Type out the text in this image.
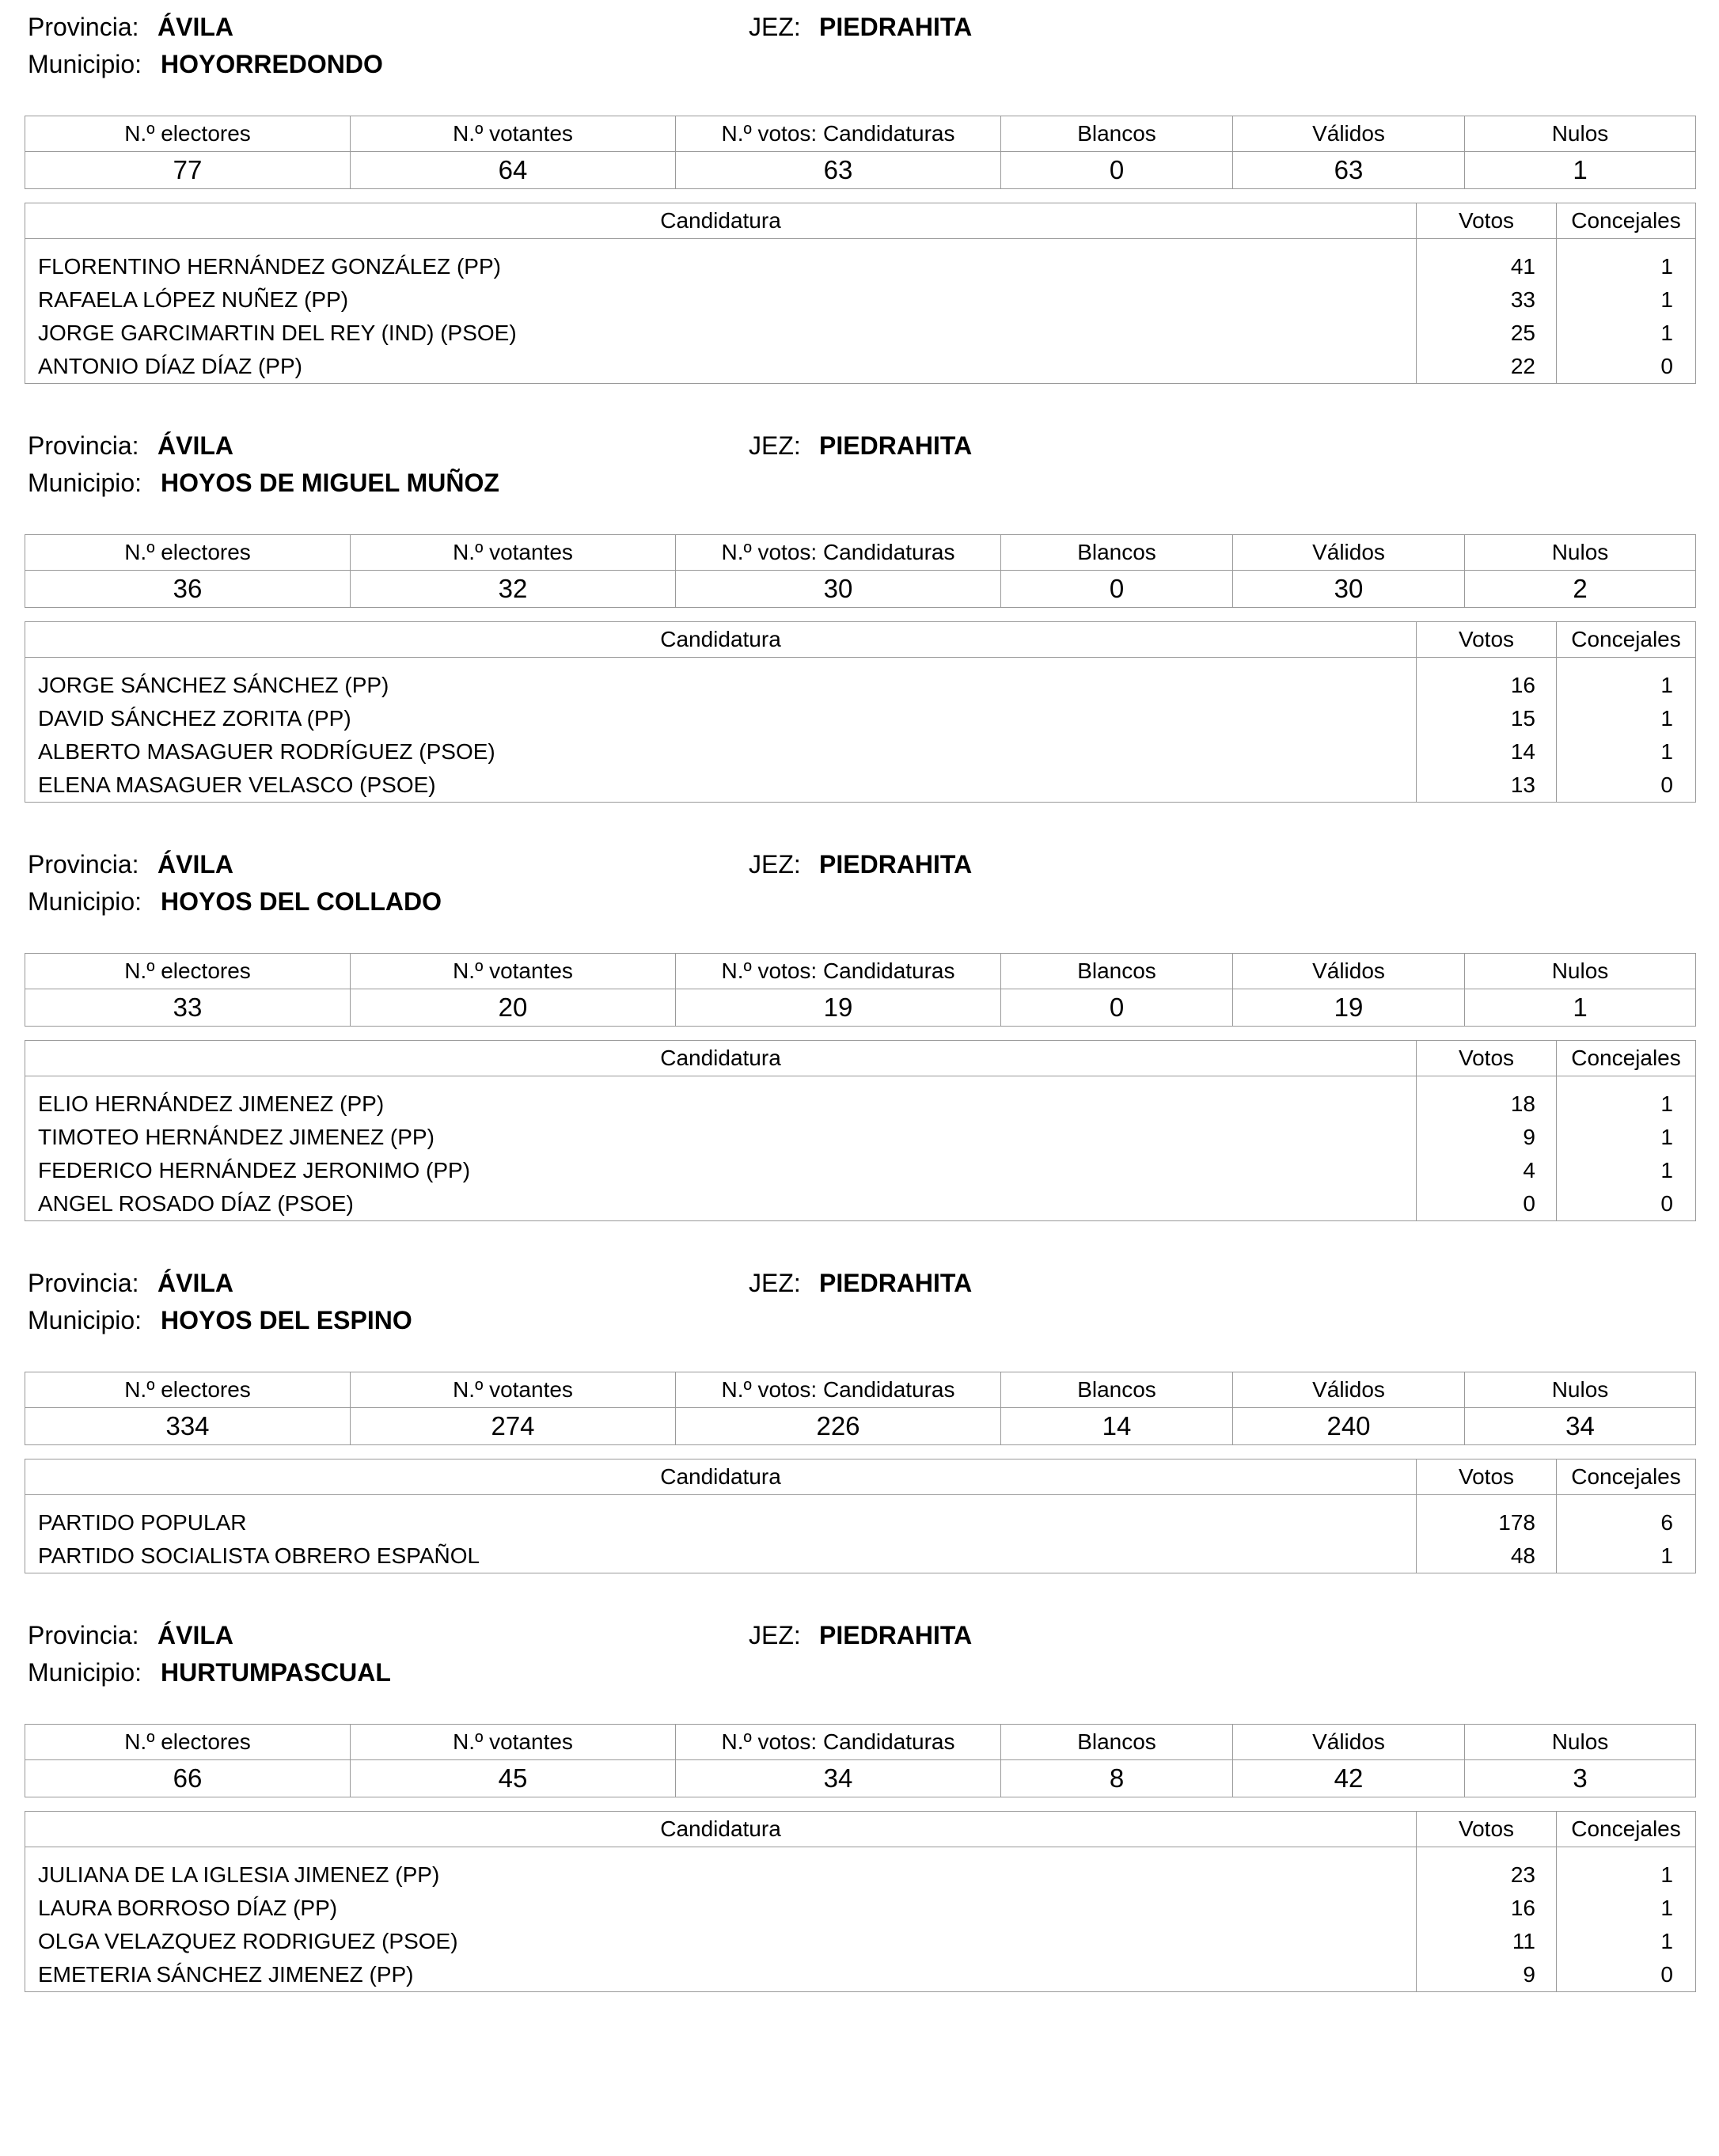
Provincia: ÁVILA	JEZ: PIEDRAHITA
Municipio: HOYORREDONDO
N.º electores	N.º votantes	N.º votos: Candidaturas	Blancos	Válidos	Nulos
77	64	63	0	63	1
Candidatura	Votos	Concejales

FLORENTINO HERNÁNDEZ GONZÁLEZ (PP)	41	1
RAFAELA LÓPEZ NUÑEZ (PP)	33	1
JORGE GARCIMARTIN DEL REY (IND) (PSOE)	25	1
ANTONIO DÍAZ DÍAZ (PP)	22	0
Provincia: ÁVILA	JEZ: PIEDRAHITA
Municipio: HOYOS DE MIGUEL MUÑOZ
N.º electores	N.º votantes	N.º votos: Candidaturas	Blancos	Válidos	Nulos
36	32	30	0	30	2
Candidatura	Votos	Concejales

JORGE SÁNCHEZ SÁNCHEZ (PP)	16	1
DAVID SÁNCHEZ ZORITA (PP)	15	1
ALBERTO MASAGUER RODRÍGUEZ (PSOE)	14	1
ELENA MASAGUER VELASCO (PSOE)	13	0
Provincia: ÁVILA	JEZ: PIEDRAHITA
Municipio: HOYOS DEL COLLADO
N.º electores	N.º votantes	N.º votos: Candidaturas	Blancos	Válidos	Nulos
33	20	19	0	19	1
Candidatura	Votos	Concejales

ELIO HERNÁNDEZ JIMENEZ (PP)	18	1
TIMOTEO HERNÁNDEZ JIMENEZ (PP)	9	1
FEDERICO HERNÁNDEZ JERONIMO (PP)	4	1
ANGEL ROSADO DÍAZ (PSOE)	0	0
Provincia: ÁVILA	JEZ: PIEDRAHITA
Municipio: HOYOS DEL ESPINO
N.º electores	N.º votantes	N.º votos: Candidaturas	Blancos	Válidos	Nulos
334	274	226	14	240	34
Candidatura	Votos	Concejales

PARTIDO POPULAR	178	6
PARTIDO SOCIALISTA OBRERO ESPAÑOL	48	1
Provincia: ÁVILA	JEZ: PIEDRAHITA
Municipio: HURTUMPASCUAL
N.º electores	N.º votantes	N.º votos: Candidaturas	Blancos	Válidos	Nulos
66	45	34	8	42	3
Candidatura	Votos	Concejales

JULIANA DE LA IGLESIA JIMENEZ (PP)	23	1
LAURA BORROSO DÍAZ (PP)	16	1
OLGA VELAZQUEZ RODRIGUEZ (PSOE)	11	1
EMETERIA SÁNCHEZ JIMENEZ (PP)	9	0
